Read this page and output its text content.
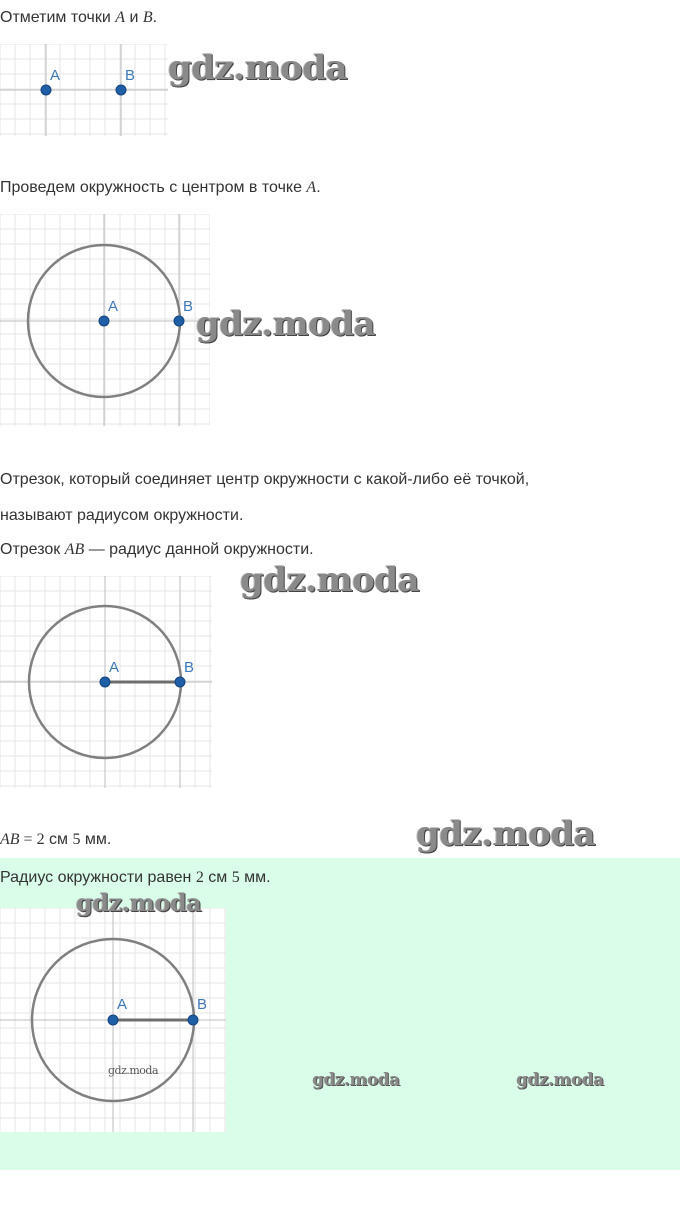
Отметим точки A и B.
A	B gdz.moda
Проведем окружность с центром в точке A.
A	B gdz.moda
Отрезок, который соединяет центр окружности с какой-либо её точкой,
называют радиусом окружности.
Отрезок AB — радиус данной окружности.
gdz.moda
A	B
AB = 2 см 5 мм.	gdz.moda
Радиус окружности равен 2 см 5 мм.
A	B
gdz.moda
gdz.moda	gdz.moda	gdz.moda
